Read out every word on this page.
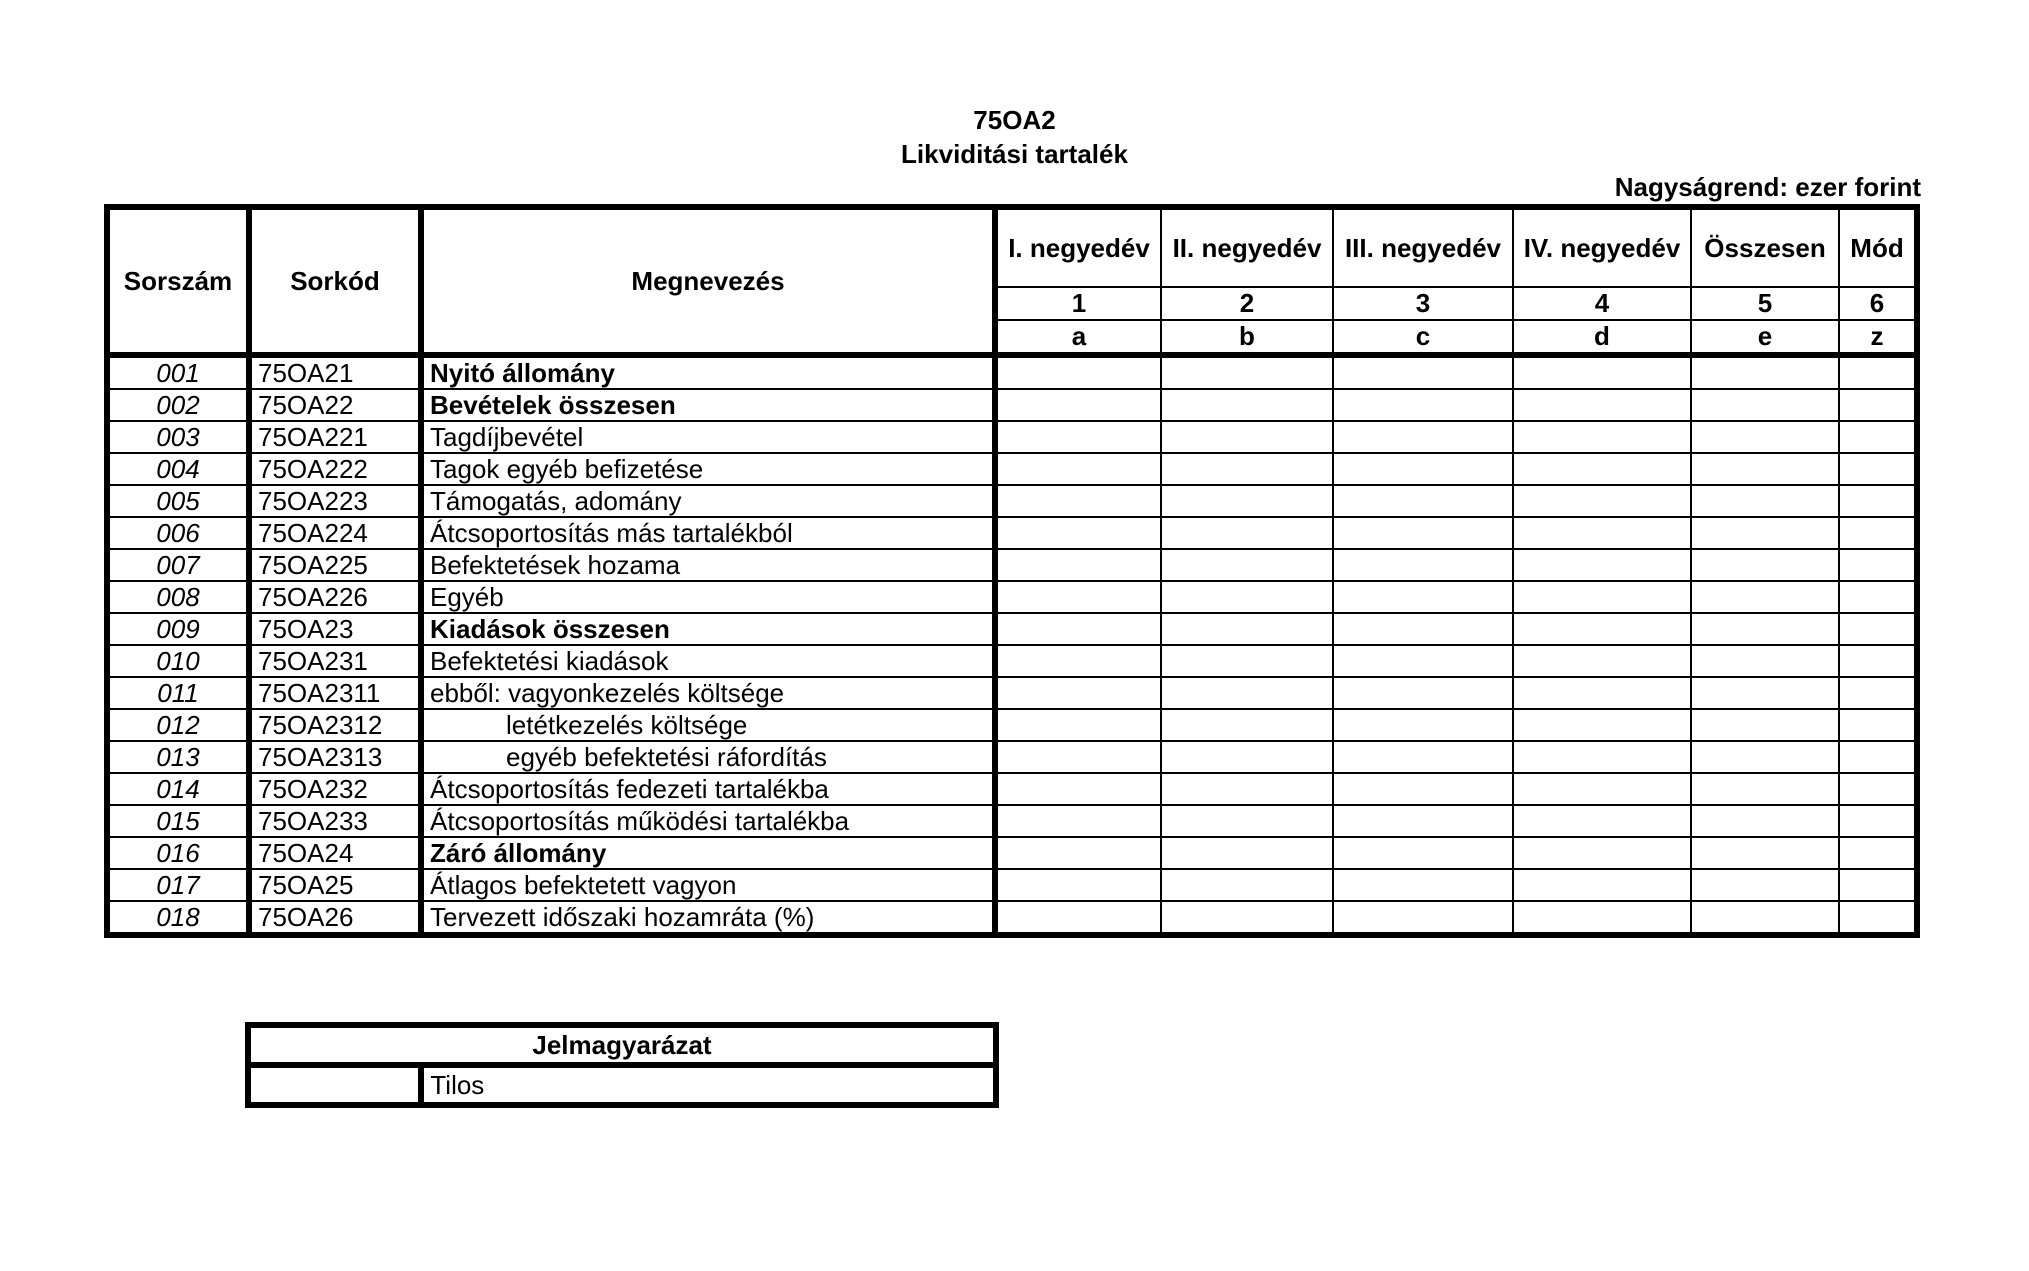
75OA2
Likviditási tartalék
Nagyságrend: ezer forint
Sorszám	Sorkód	Megnevezés	I. negyedév	II. negyedév	III. negyedév	IV. negyedév	Összesen	Mód
			1	2	3	4	5	6
			a	b	c	d	e	z
001	75OA21	Nyitó állomány						
002	75OA22	Bevételek összesen						
003	75OA221	Tagdíjbevétel						
004	75OA222	Tagok egyéb befizetése						
005	75OA223	Támogatás, adomány						
006	75OA224	Átcsoportosítás más tartalékból						
007	75OA225	Befektetések hozama						
008	75OA226	Egyéb						
009	75OA23	Kiadások összesen						
010	75OA231	Befektetési kiadások						
011	75OA2311	ebből: vagyonkezelés költsége						
012	75OA2312	letétkezelés költsége						
013	75OA2313	egyéb befektetési ráfordítás						
014	75OA232	Átcsoportosítás fedezeti tartalékba						
015	75OA233	Átcsoportosítás működési tartalékba						
016	75OA24	Záró állomány						
017	75OA25	Átlagos befektetett vagyon						
018	75OA26	Tervezett időszaki hozamráta (%)						
Jelmagyarázat
	Tilos
